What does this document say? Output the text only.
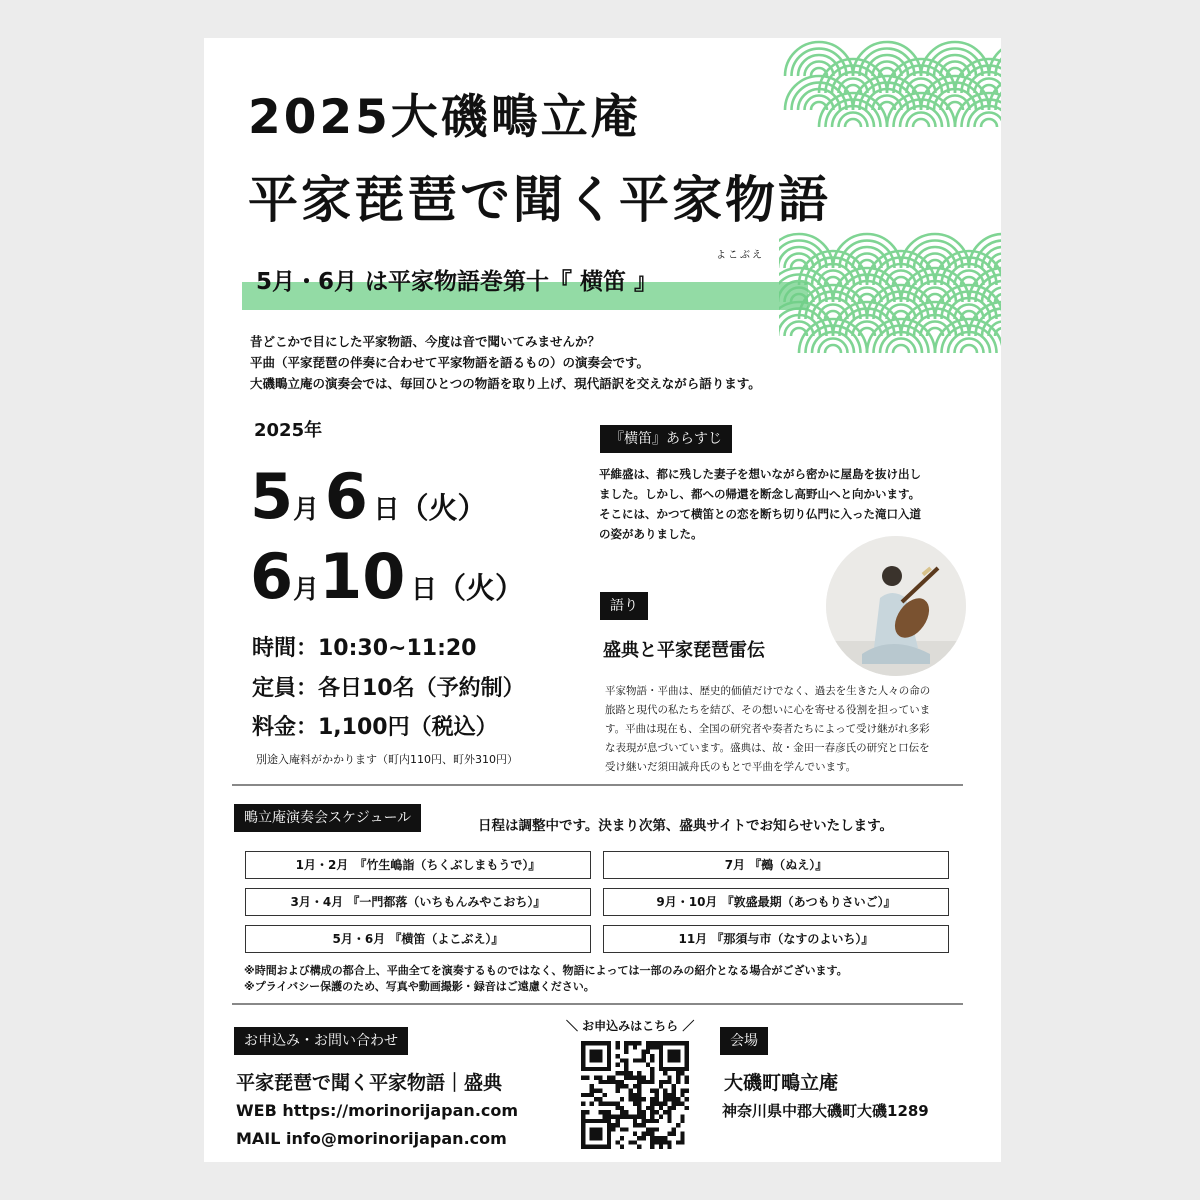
2025大磯鴫立庵
平家琵琶で聞く平家物語
よこぶえ
5月・6月 は平家物語巻第十『 横笛 』
昔どこかで目にした平家物語、今度は音で聞いてみませんか？
平曲（平家琵琶の伴奏に合わせて平家物語を語るもの）の演奏会です。
大磯鴫立庵の演奏会では、毎回ひとつの物語を取り上げ、現代語訳を交えながら語ります。
2025年
5月 6 日（火）
6月10 日（火）
時間：10:30~11:20
定員：各日10名（予約制）
料金：1,100円（税込）
別途入庵料がかかります（町内110円、町外310円）
『横笛』あらすじ
平維盛は、都に残した妻子を想いながら密かに屋島を抜け出し
ました。しかし、都への帰還を断念し高野山へと向かいます。
そこには、かつて横笛との恋を断ち切り仏門に入った滝口入道
の姿がありました。
語り
盛典と平家琵琶雷伝
平家物語・平曲は、歴史的価値だけでなく、過去を生きた人々の命の
旅路と現代の私たちを結び、その想いに心を寄せる役割を担っていま
す。平曲は現在も、全国の研究者や奏者たちによって受け継がれ多彩
な表現が息づいています。盛典は、故・金田一春彦氏の研究と口伝を
受け継いだ須田誠舟氏のもとで平曲を学んでいます。
鴫立庵演奏会スケジュール	日程は調整中です。決まり次第、盛典サイトでお知らせいたします。
1月・2月　『竹生嶋詣（ちくぶしまもうで）』
3月・4月 『一門都落（いちもんみやこおち）』
5月・6月 『横笛（よこぶえ）』
7月 『鵺（ぬえ）』
9月・10月 『敦盛最期（あつもりさいご）』
11月 『那須与市（なすのよいち）』
※時間および構成の都合上、平曲全てを演奏するものではなく、物語によっては一部のみの紹介となる場合がございます。
※プライバシー保護のため、写真や動画撮影・録音はご遠慮ください。
お申込み・お問い合わせ
平家琵琶で聞く平家物語｜盛典
WEB https://morinorijapan.com
MAIL info@morinorijapan.com
＼ お申込みはこちら ／
会場
大磯町鴫立庵
神奈川県中郡大磯町大磯1289
